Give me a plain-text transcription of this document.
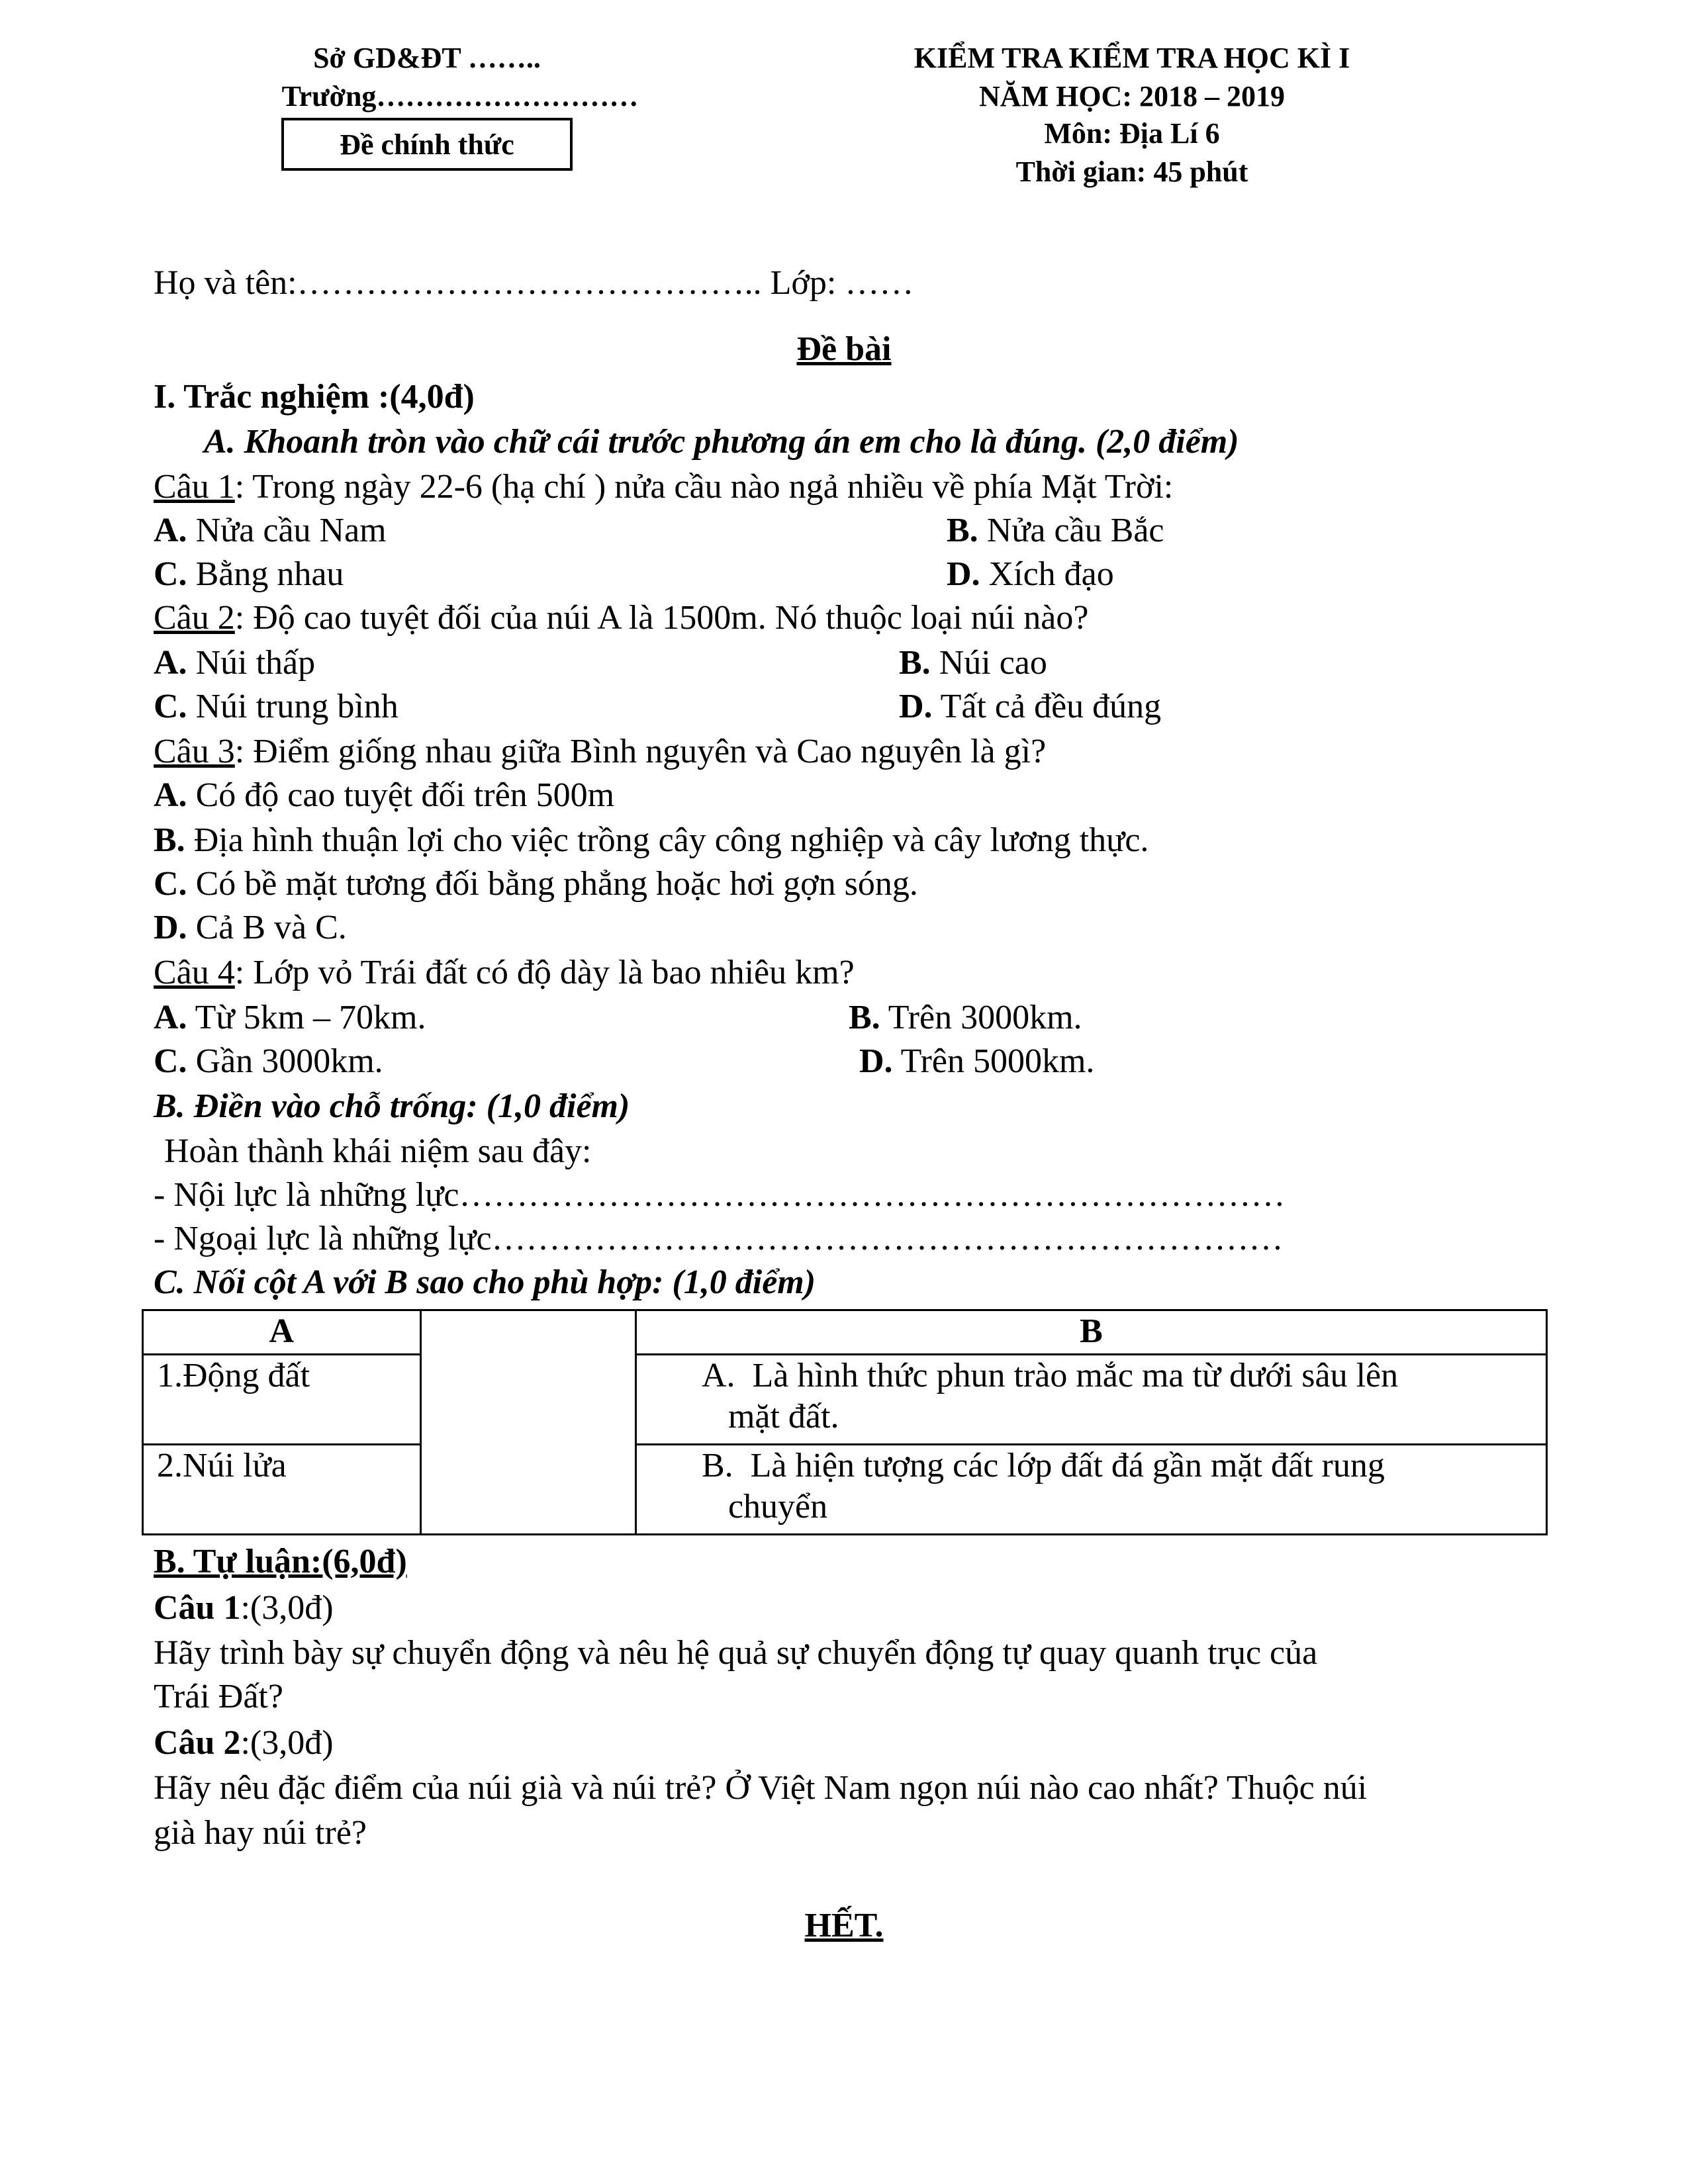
Sở GD&ĐT ……..
Trường………………………
Đề chính thức
KIỂM TRA KIỂM TRA HỌC KÌ I
NĂM HỌC: 2018 – 2019
Môn: Địa Lí 6
Thời gian: 45 phút
Họ và tên:………………………………….. Lớp: ……
Đề bài
I. Trắc nghiệm :(4,0đ)
A. Khoanh tròn vào chữ cái trước phương án em cho là đúng. (2,0 điểm)
Câu 1: Trong ngày 22-6 (hạ chí ) nửa cầu nào ngả nhiều về phía Mặt Trời:
A. Nửa cầu Nam	B. Nửa cầu Bắc
C. Bằng nhau	D. Xích đạo
Câu 2: Độ cao tuyệt đối của núi A là 1500m. Nó thuộc loại núi nào?
A. Núi thấp	B. Núi cao
C. Núi trung bình	D. Tất cả đều đúng
Câu 3: Điểm giống nhau giữa Bình nguyên và Cao nguyên là gì?
A. Có độ cao tuyệt đối trên 500m
B. Địa hình thuận lợi cho việc trồng cây công nghiệp và cây lương thực.
C. Có bề mặt tương đối bằng phẳng hoặc hơi gợn sóng.
D. Cả B và C.
Câu 4: Lớp vỏ Trái đất có độ dày là bao nhiêu km?
A. Từ 5km – 70km.	B. Trên 3000km.
C. Gần 3000km.	D. Trên 5000km.
B. Điền vào chỗ trống: (1,0 điểm)
Hoàn thành khái niệm sau đây:
- Nội lực là những lực………………………………………………………………
- Ngoại lực là những lực……………………………………………………………
C. Nối cột A với B sao cho phù hợp: (1,0 điểm)
A		B
1.Động đất		A. Là hình thức phun trào mắc ma từ dưới sâu lên
mặt đất.

2.Núi lửa		B. Là hiện tượng các lớp đất đá gần mặt đất rung
chuyển
B. Tự luận:(6,0đ)
Câu 1:(3,0đ)
Hãy trình bày sự chuyển động và nêu hệ quả sự chuyển động tự quay quanh trục của
Trái Đất?
Câu 2:(3,0đ)
Hãy nêu đặc điểm của núi già và núi trẻ? Ở Việt Nam ngọn núi nào cao nhất? Thuộc núi
già hay núi trẻ?
HẾT.
